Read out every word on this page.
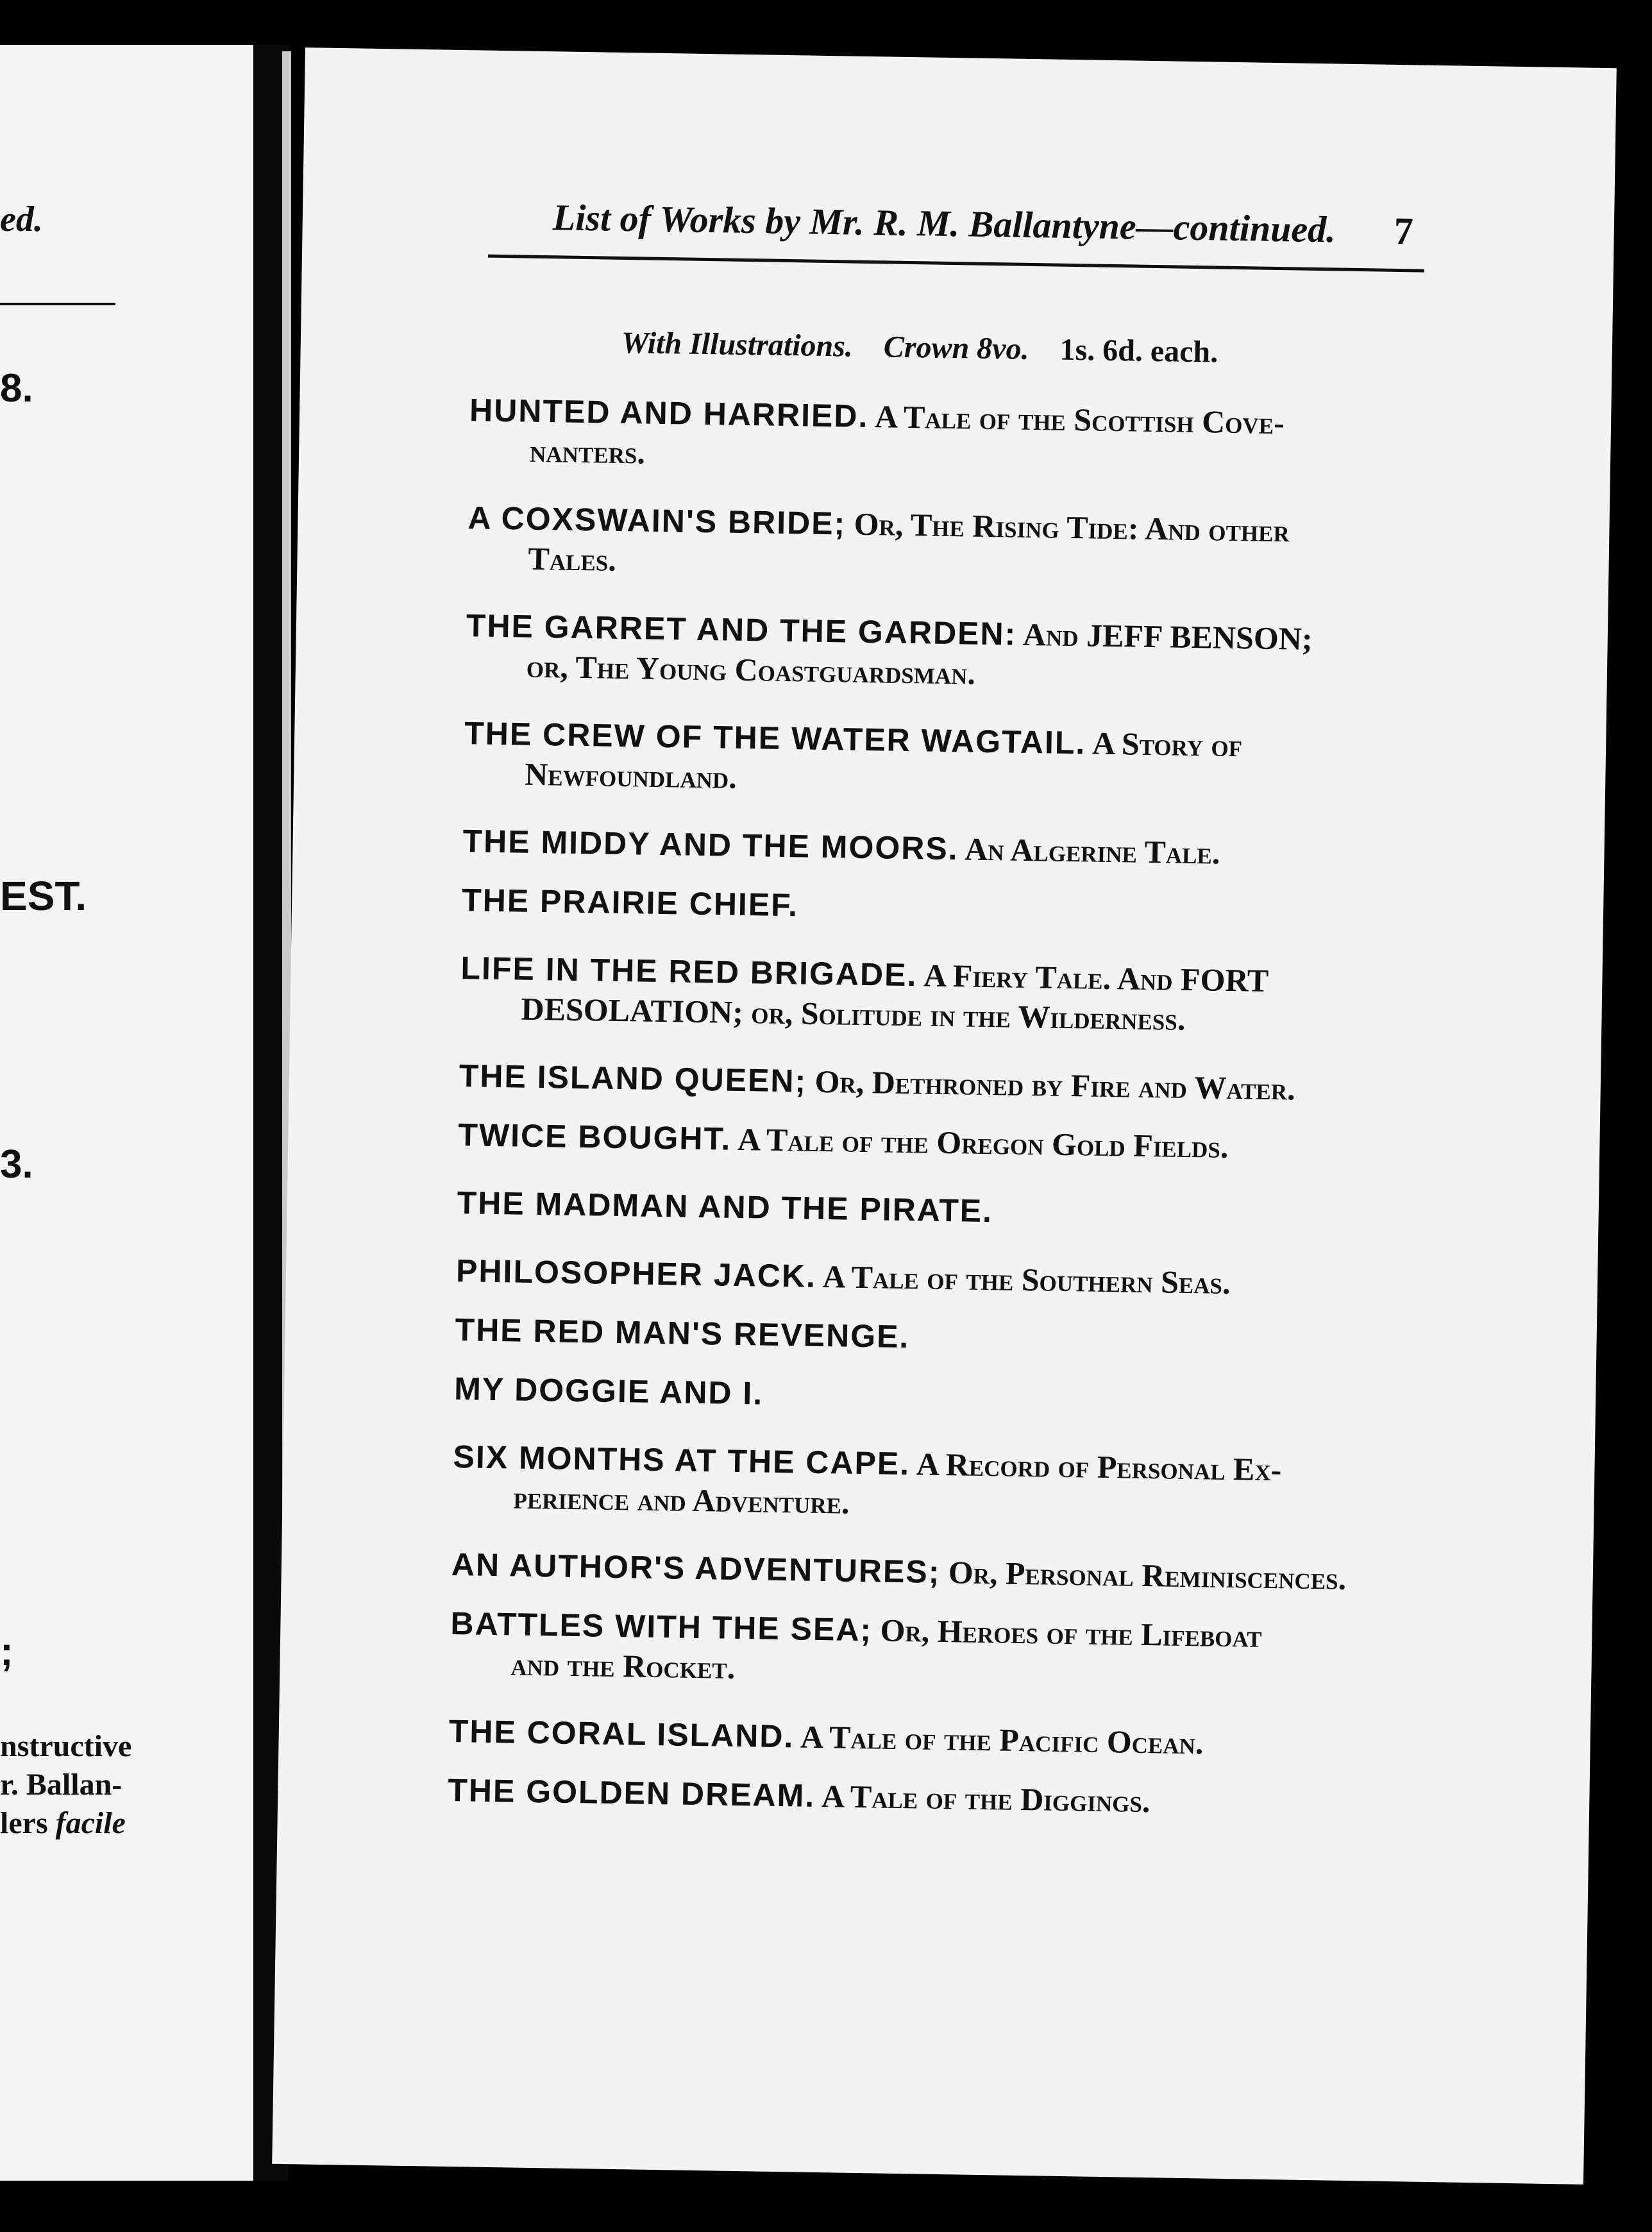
ed.
8.
EST.
3.
;
nstructive
r. Ballan-
lers facile
List of Works by Mr. R. M. Ballantyne—continued. 7
With Illustrations. Crown 8vo. 1s. 6d. each.
HUNTED AND HARRIED. A Tale of the Scottish Cove-
nanters.
A COXSWAIN'S BRIDE; Or, The Rising Tide: And other
Tales.
THE GARRET AND THE GARDEN: And JEFF BENSON;
or, The Young Coastguardsman.
THE CREW OF THE WATER WAGTAIL. A Story of
Newfoundland.
THE MIDDY AND THE MOORS. An Algerine Tale.
THE PRAIRIE CHIEF.
LIFE IN THE RED BRIGADE. A Fiery Tale. And FORT
DESOLATION; or, Solitude in the Wilderness.
THE ISLAND QUEEN; Or, Dethroned by Fire and Water.
TWICE BOUGHT. A Tale of the Oregon Gold Fields.
THE MADMAN AND THE PIRATE.
PHILOSOPHER JACK. A Tale of the Southern Seas.
THE RED MAN'S REVENGE.
MY DOGGIE AND I.
SIX MONTHS AT THE CAPE. A Record of Personal Ex-
perience and Adventure.
AN AUTHOR'S ADVENTURES; Or, Personal Reminiscences.
BATTLES WITH THE SEA; Or, Heroes of the Lifeboat
and the Rocket.
THE CORAL ISLAND. A Tale of the Pacific Ocean.
THE GOLDEN DREAM. A Tale of the Diggings.
